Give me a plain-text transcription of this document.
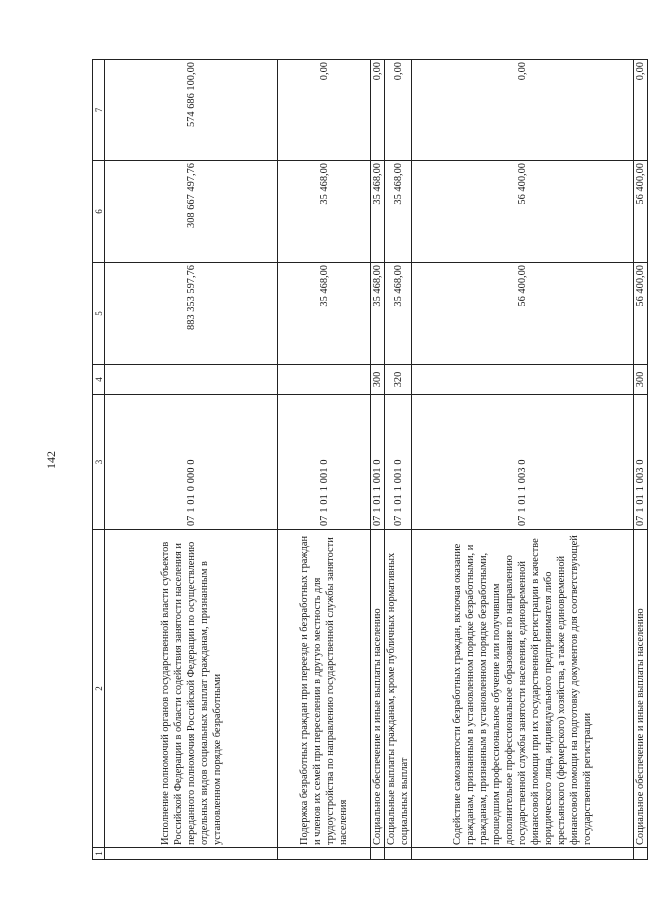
142
1	2	3	4	5	6	7
	Исполнение полномочий органов государственной власти субъектов Российской Федерации в области содействия занятости населения и переданного полномочия Российской Федерации по осуществлению отдельных видов социальных выплат гражданам, признанным в установленном порядке безработными	07 1 01 0 000 0		883 353 597,76	308 667 497,76	574 686 100,00
	Подержка безработных граждан при переезде и безработных граждан и членов их семей при переселении в другую местность для трудоустройства по направлению государственной службы занятости населения	07 1 01 1 001 0		35 468,00	35 468,00	0,00
	Социальное обеспечение и иные выплаты населению	07 1 01 1 001 0	300	35 468,00	35 468,00	0,00
	Социальные выплаты гражданам, кроме публичных нормативных социальных выплат	07 1 01 1 001 0	320	35 468,00	35 468,00	0,00
	Содействие самозанятости безработных граждан, включая оказание гражданам, признанным в установленном порядке безработными, и гражданам, признанным в установленном порядке безработными, прошедшим профессиональное обучение или получившим дополнительное профессиональное образование по направлению государственной службы занятости населения, единовременной финансовой помощи при их государственной регистрации в качестве юридического лица, индивидуального предпринимателя либо крестьянского (фермерского) хозяйства, а также единовременной финансовой помощи на подготовку документов для соответствующей государственной регистрации	07 1 01 1 003 0		56 400,00	56 400,00	0,00
	Социальное обеспечение и иные выплаты населению	07 1 01 1 003 0	300	56 400,00	56 400,00	0,00
